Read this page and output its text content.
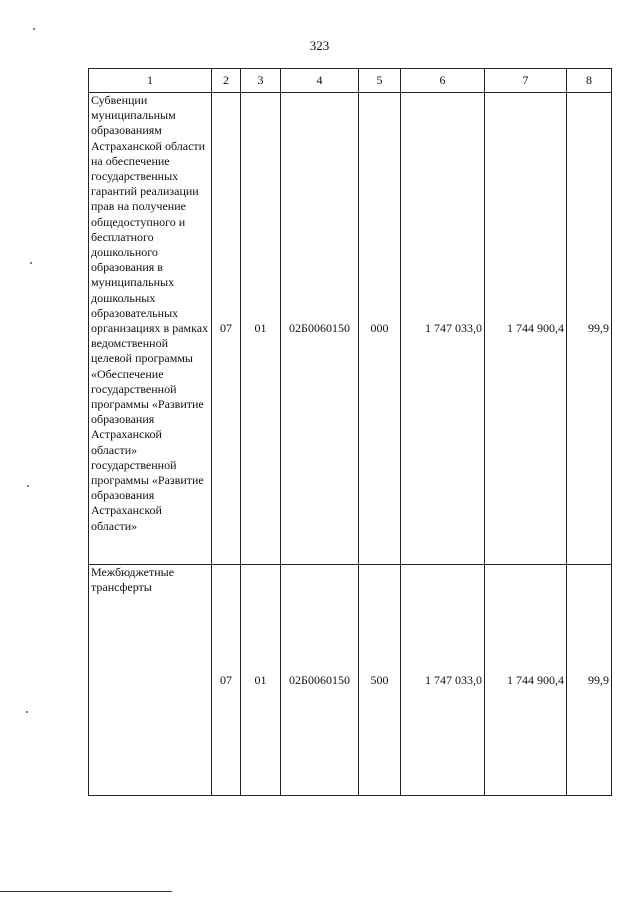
323
1	2	3	4	5	6	7	8
Субвенции муниципальным образованиям Астраханской области на обеспечение государственных гарантий реализации прав на получение общедоступного и бесплатного дошкольного образования в муниципальных дошкольных образовательных организациях в рамках ведомственной целевой программы «Обеспечение государственной программы «Развитие образования Астраханской области» государственной программы «Развитие образования Астраханской области»	07	01	02Б0060150	000	1 747 033,0	1 744 900,4	99,9
Межбюджетные трансферты	07	01	02Б0060150	500	1 747 033,0	1 744 900,4	99,9
